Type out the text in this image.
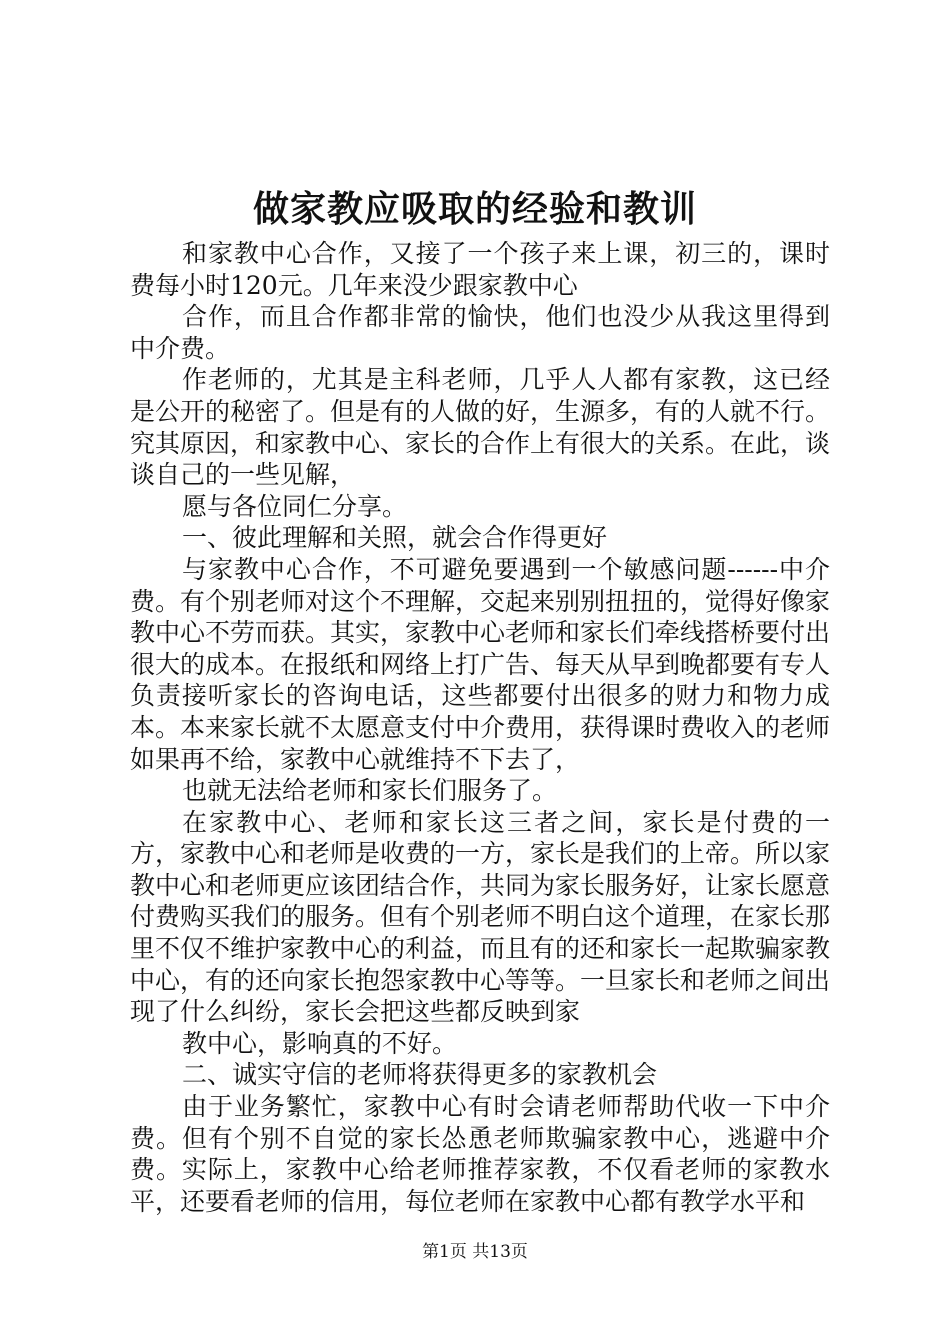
做家教应吸取的经验和教训

和家教中心合作，又接了一个孩子来上课，初三的，课时费每小时120元。几年来没少跟家教中心

合作，而且合作都非常的愉快，他们也没少从我这里得到中介费。

作老师的，尤其是主科老师，几乎人人都有家教，这已经是公开的秘密了。但是有的人做的好，生源多，有的人就不行。究其原因，和家教中心、家长的合作上有很大的关系。在此，谈谈自己的一些见解，

愿与各位同仁分享。

一、彼此理解和关照，就会合作得更好

与家教中心合作，不可避免要遇到一个敏感问题------中介费。有个别老师对这个不理解，交起来别别扭扭的，觉得好像家教中心不劳而获。其实，家教中心老师和家长们牵线搭桥要付出很大的成本。在报纸和网络上打广告、每天从早到晚都要有专人负责接听家长的咨询电话，这些都要付出很多的财力和物力成本。本来家长就不太愿意支付中介费用，获得课时费收入的老师如果再不给，家教中心就维持不下去了，

也就无法给老师和家长们服务了。

在家教中心、老师和家长这三者之间，家长是付费的一方，家教中心和老师是收费的一方，家长是我们的上帝。所以家教中心和老师更应该团结合作，共同为家长服务好，让家长愿意付费购买我们的服务。但有个别老师不明白这个道理，在家长那里不仅不维护家教中心的利益，而且有的还和家长一起欺骗家教中心，有的还向家长抱怨家教中心等等。一旦家长和老师之间出现了什么纠纷，家长会把这些都反映到家

教中心，影响真的不好。

二、诚实守信的老师将获得更多的家教机会

由于业务繁忙，家教中心有时会请老师帮助代收一下中介费。但有个别不自觉的家长怂恿老师欺骗家教中心，逃避中介费。实际上，家教中心给老师推荐家教，不仅看老师的家教水平，还要看老师的信用，每位老师在家教中心都有教学水平和

第1页 共13页
